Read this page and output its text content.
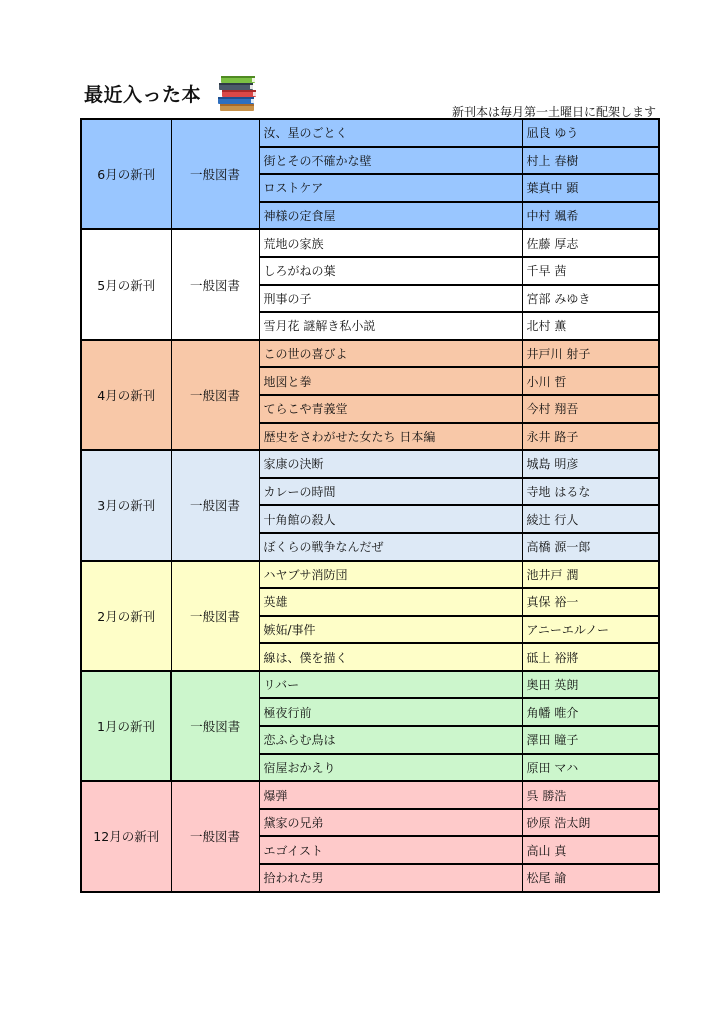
最近入った本
新刊本は毎月第一土曜日に配架します
6月の新刊	一般図書	汝、星のごとく	凪良 ゆう
		街とその不確かな壁	村上 春樹
		ロストケア	葉真中 顕
		神様の定食屋	中村 颯希
5月の新刊	一般図書	荒地の家族	佐藤 厚志
		しろがねの葉	千早 茜
		刑事の子	宮部 みゆき
		雪月花 謎解き私小説	北村 薫
4月の新刊	一般図書	この世の喜びよ	井戸川 射子
		地図と拳	小川 哲
		てらこや青義堂	今村 翔吾
		歴史をさわがせた女たち 日本編	永井 路子
3月の新刊	一般図書	家康の決断	城島 明彦
		カレーの時間	寺地 はるな
		十角館の殺人	綾辻 行人
		ぼくらの戦争なんだぜ	高橋 源一郎
2月の新刊	一般図書	ハヤブサ消防団	池井戸 潤
		英雄	真保 裕一
		嫉妬/事件	アニーエルノー
		線は、僕を描く	砥上 裕將
1月の新刊	一般図書	リバー	奥田 英朗
		極夜行前	角幡 唯介
		恋ふらむ鳥は	澤田 瞳子
		宿屋おかえり	原田 マハ
12月の新刊	一般図書	爆弾	呉 勝浩
		黛家の兄弟	砂原 浩太朗
		エゴイスト	高山 真
		拾われた男	松尾 諭
